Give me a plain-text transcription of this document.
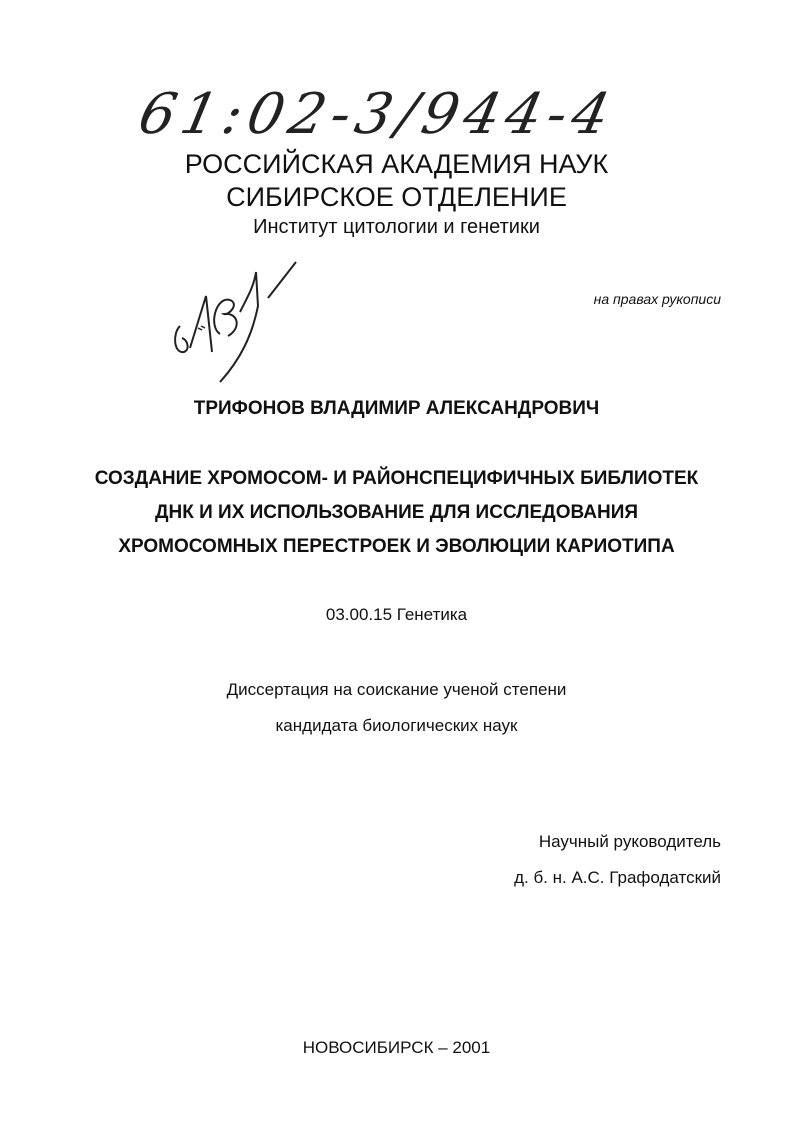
61:02-3/944-4
РОССИЙСКАЯ АКАДЕМИЯ НАУК
СИБИРСКОЕ ОТДЕЛЕНИЕ
Институт цитологии и генетики
на правах рукописи
ТРИФОНОВ ВЛАДИМИР АЛЕКСАНДРОВИЧ
СОЗДАНИЕ ХРОМОСОМ- И РАЙОНСПЕЦИФИЧНЫХ БИБЛИОТЕК
ДНК И ИХ ИСПОЛЬЗОВАНИЕ ДЛЯ ИССЛЕДОВАНИЯ
ХРОМОСОМНЫХ ПЕРЕСТРОЕК И ЭВОЛЮЦИИ КАРИОТИПА
03.00.15 Генетика
Диссертация на соискание ученой степени
кандидата биологических наук
Научный руководитель
д. б. н. А.С. Графодатский
НОВОСИБИРСК – 2001
